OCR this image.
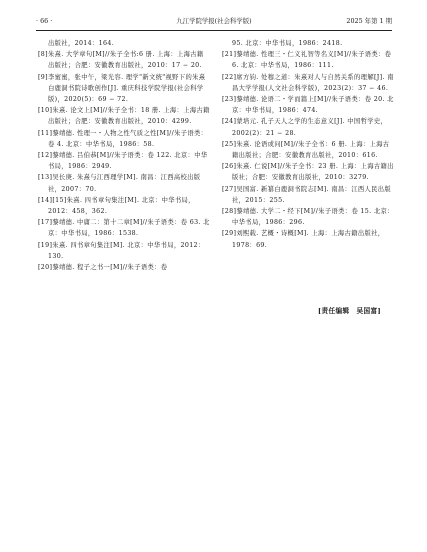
九江学院学报(社会科学版)
· 66 ·	2025 年第 1 期

出版社，2014：164.

[8]朱熹. 大学章句[M]//朱子全书:6 册. 上海：上海古籍出版社；合肥：安徽教育出版社，2010：17 − 20.

[9]李蜜蜜，张中午，梁光容. 理学"新文统"视野下的朱熹白鹿洞书院诗歌创作[J]. 重庆科技学院学报(社会科学版)，2020(5)：69 − 72.

[10]朱熹. 论文上[M]//朱子全书：18 册. 上海：上海古籍出版社；合肥：安徽教育出版社，2010：4299.

[11]黎靖德. 性理一・人物之性气质之性[M]//朱子语类：卷 4. 北京：中华书局，1986：58.

[12]黎靖德. 吕伯恭[M]//朱子语类：卷 122. 北京：中华书局，1986：2949.

[13]吴长庚. 朱熹与江西理学[M]. 南昌：江西高校出版社，2007：70.

[14][15]朱熹. 四书章句集注[M]. 北京：中华书局，2012：458，362.

[17]黎靖德. 中庸二：第十二章[M]//朱子语类：卷 63. 北京：中华书局，1986：1538.

[19]朱熹. 四书章句集注[M]. 北京：中华书局，2012：130.

[20]黎靖德. 程子之书一[M]//朱子语类：卷

95. 北京：中华书局，1986：2418.

[21]黎靖德. 性理三・仁义礼智等名义[M]//朱子语类：卷 6. 北京：中华书局，1986：111.

[22]席方钧. 处穆之道：朱熹对人与自然关系的理解[J]. 南昌大学学报(人文社会科学版)，2023(2)：37 − 46.

[23]黎靖德. 论语二・学而篇上[M]//朱子语类：卷 20. 北京：中华书局，1986：474.

[24]蒙培元. 孔子天人之学的生态意义[J]. 中国哲学史，2002(2)：21 − 28.

[25]朱熹. 论语或问[M]//朱子全书：6 册. 上海：上海古籍出版社；合肥：安徽教育出版社，2010：616.

[26]朱熹. 仁说[M]//朱子全书：23 册. 上海：上海古籍出版社；合肥：安徽教育出版社，2010：3279.

[27]吴国富. 新纂白鹿洞书院志[M]. 南昌：江西人民出版社，2015：255.

[28]黎靖德. 大学二・经下[M]//朱子语类：卷 15. 北京：中华书局，1986：296.

[29]刘熙载. 艺概・诗概[M]. 上海：上海古籍出版社，1978：69.

[责任编辑　吴国富]
